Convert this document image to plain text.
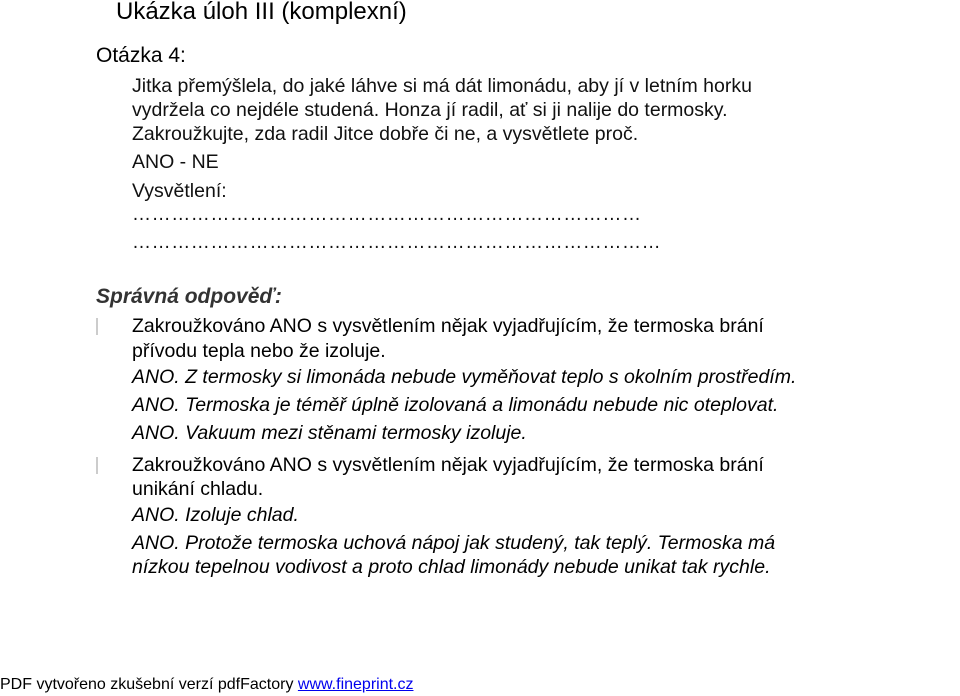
Ukázka úloh III (komplexní)
Otázka 4:
Jitka přemýšlela, do jaké láhve si má dát limonádu, aby jí v letním horku
vydržela co nejdéle studená. Honza jí radil, ať si ji nalije do termosky.
Zakroužkujte, zda radil Jitce dobře či ne, a vysvětlete proč.
ANO - NE
Vysvětlení:
……………………………………………………………………
………………………………………………………………………
Správná odpověď:
Zakroužkováno ANO s vysvětlením nějak vyjadřujícím, že termoska brání
přívodu tepla nebo že izoluje.
ANO. Z termosky si limonáda nebude vyměňovat teplo s okolním prostředím.
ANO. Termoska je téměř úplně izolovaná a limonádu nebude nic oteplovat.
ANO. Vakuum mezi stěnami termosky izoluje.
Zakroužkováno ANO s vysvětlením nějak vyjadřujícím, že termoska brání
unikání chladu.
ANO. Izoluje chlad.
ANO. Protože termoska uchová nápoj jak studený, tak teplý. Termoska má
nízkou tepelnou vodivost a proto chlad limonády nebude unikat tak rychle.
PDF vytvořeno zkušební verzí pdfFactory www.fineprint.cz
